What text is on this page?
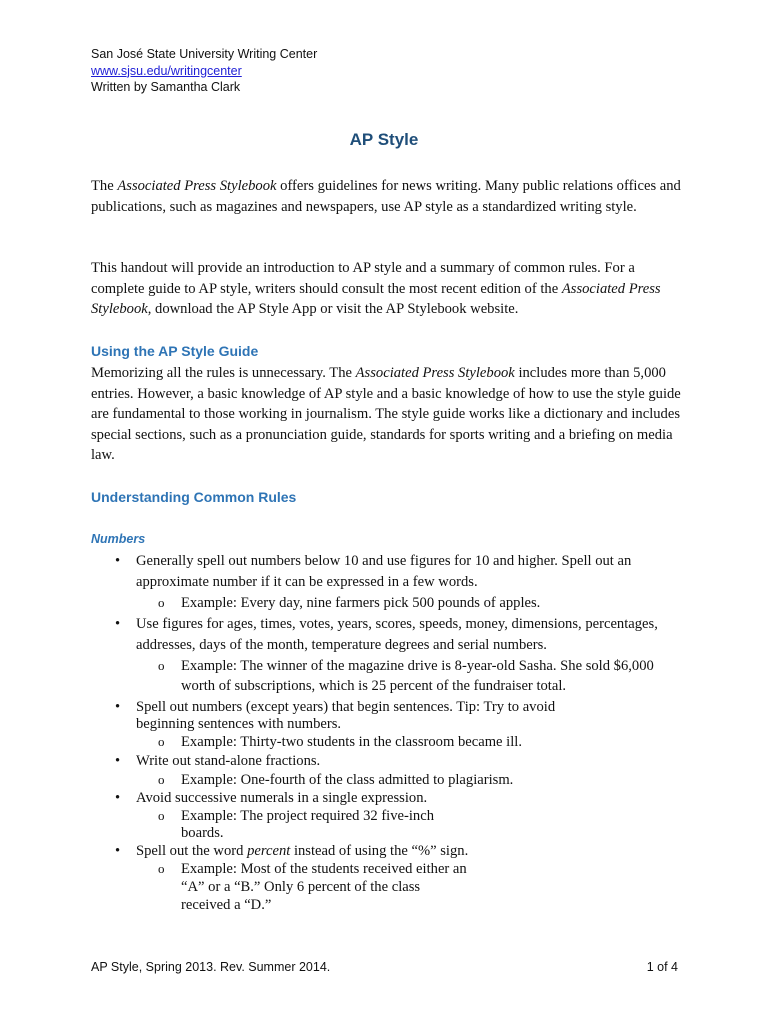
San José State University Writing Center
www.sjsu.edu/writingcenter
Written by Samantha Clark
AP Style
The Associated Press Stylebook offers guidelines for news writing. Many public relations offices and publications, such as magazines and newspapers, use AP style as a standardized writing style.
This handout will provide an introduction to AP style and a summary of common rules. For a complete guide to AP style, writers should consult the most recent edition of the Associated Press Stylebook, download the AP Style App or visit the AP Stylebook website.
Using the AP Style Guide
Memorizing all the rules is unnecessary. The Associated Press Stylebook includes more than 5,000 entries. However, a basic knowledge of AP style and a basic knowledge of how to use the style guide are fundamental to those working in journalism. The style guide works like a dictionary and includes special sections, such as a pronunciation guide, standards for sports writing and a briefing on media law.
Understanding Common Rules
Numbers
• Generally spell out numbers below 10 and use figures for 10 and higher. Spell out an
approximate number if it can be expressed in a few words.
o Example: Every day, nine farmers pick 500 pounds of apples.
• Use figures for ages, times, votes, years, scores, speeds, money, dimensions, percentages,
addresses, days of the month, temperature degrees and serial numbers.
o Example: The winner of the magazine drive is 8-year-old Sasha. She sold $6,000
worth of subscriptions, which is 25 percent of the fundraiser total.
• Spell out numbers (except years) that begin sentences. Tip: Try to avoid
beginning sentences with numbers.
o Example: Thirty-two students in the classroom became ill.
• Write out stand-alone fractions.
o Example: One-fourth of the class admitted to plagiarism.
• Avoid successive numerals in a single expression.
o Example: The project required 32 five-inch
boards.
• Spell out the word percent instead of using the “%” sign.
o Example: Most of the students received either an
“A” or a “B.” Only 6 percent of the class
received a “D.”
AP Style, Spring 2013. Rev. Summer 2014.	1 of 4
